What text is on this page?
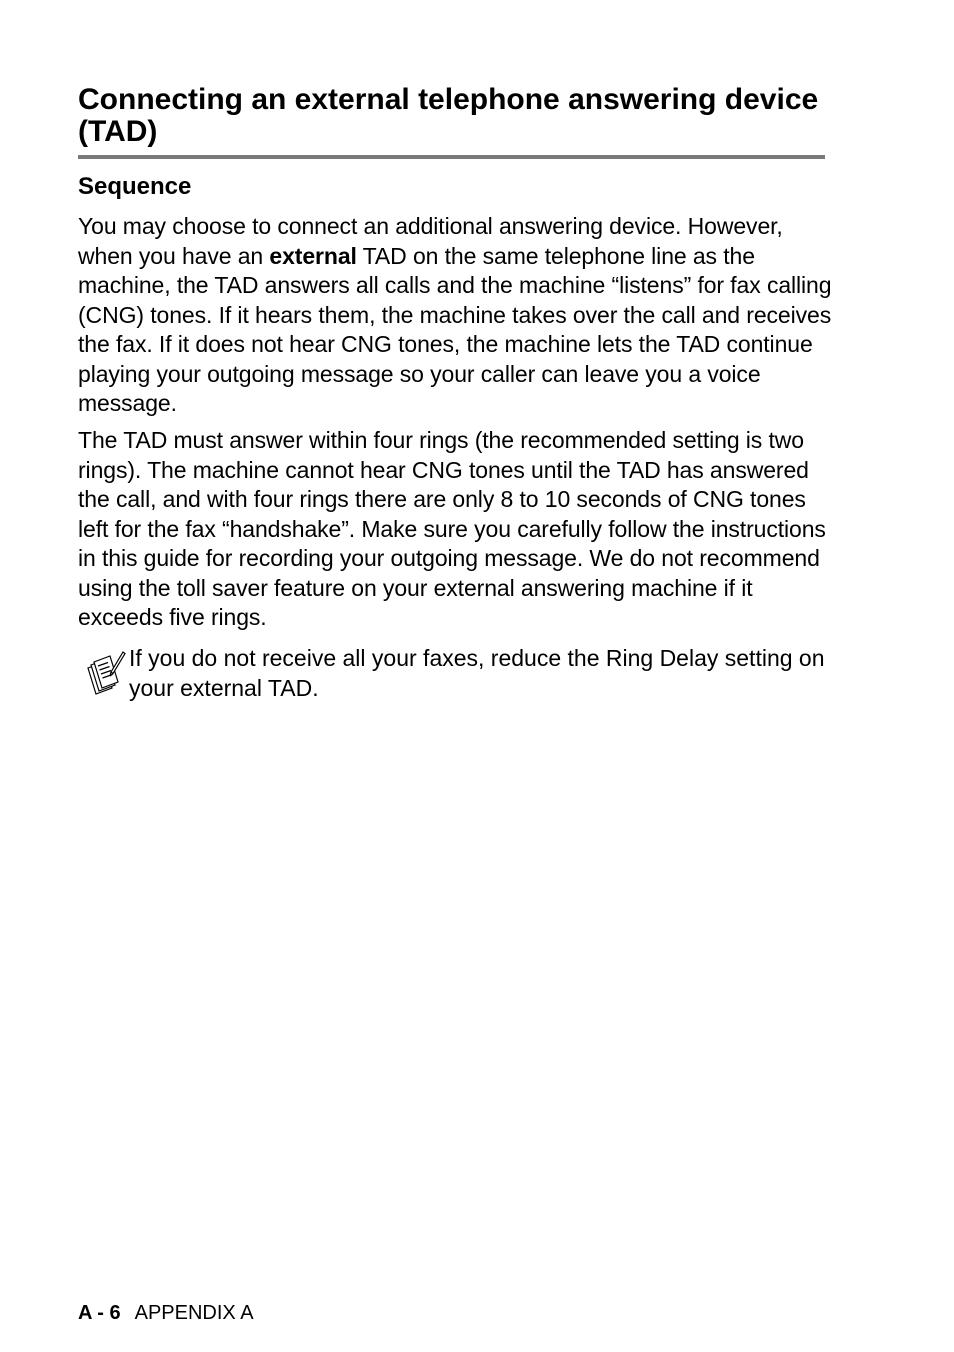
Connecting an external telephone answering device (TAD)
Sequence

You may choose to connect an additional answering device. However, when you have an external TAD on the same telephone line as the machine, the TAD answers all calls and the machine “listens” for fax calling (CNG) tones. If it hears them, the machine takes over the call and receives the fax. If it does not hear CNG tones, the machine lets the TAD continue playing your outgoing message so your caller can leave you a voice message.

The TAD must answer within four rings (the recommended setting is two rings). The machine cannot hear CNG tones until the TAD has answered the call, and with four rings there are only 8 to 10 seconds of CNG tones left for the fax “handshake”. Make sure you carefully follow the instructions in this guide for recording your outgoing message. We do not recommend using the toll saver feature on your external answering machine if it exceeds five rings.

If you do not receive all your faxes, reduce the Ring Delay setting on your external TAD.

A - 6 APPENDIX A
